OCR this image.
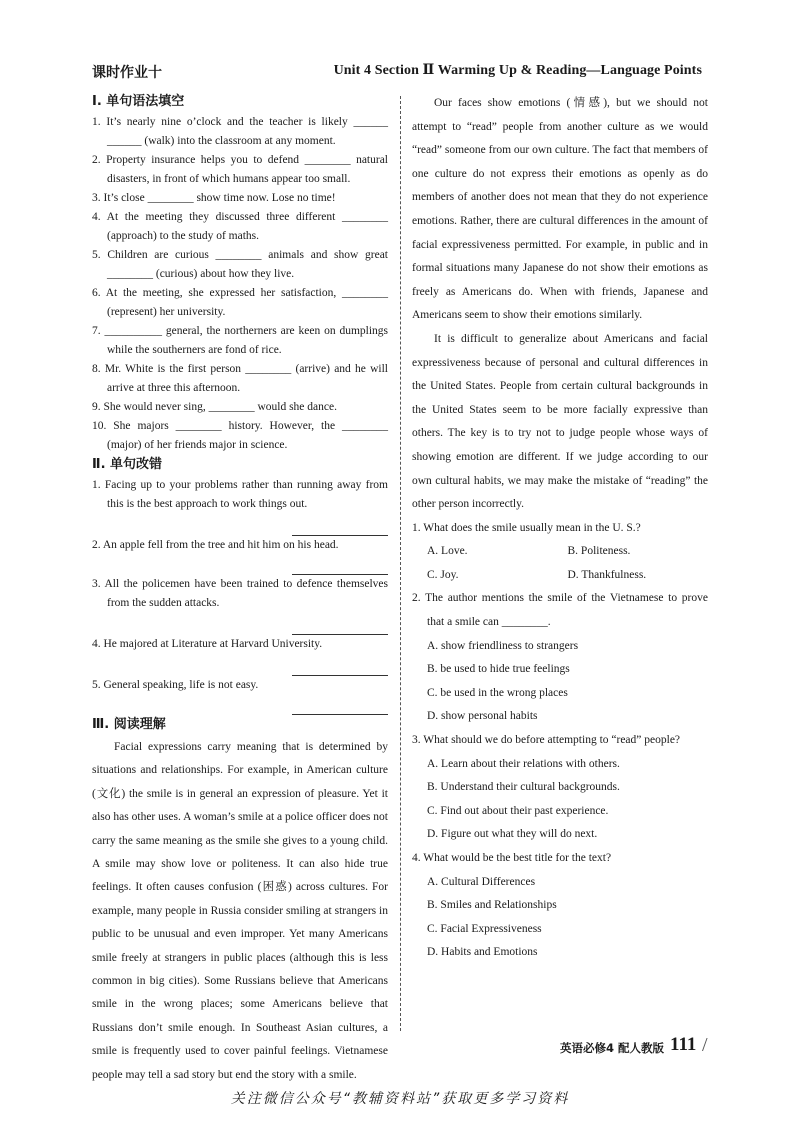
课时作业十	Unit 4 Section Ⅱ Warming Up & Reading—Language Points
Ⅰ. 单句语法填空

1. It’s nearly nine o’clock and the teacher is likely ______ ______ (walk) into the classroom at any moment.

2. Property insurance helps you to defend ________ natural disasters, in front of which humans appear too small.

3. It’s close ________ show time now. Lose no time!

4. At the meeting they discussed three different ________ (approach) to the study of maths.

5. Children are curious ________ animals and show great ________ (curious) about how they live.

6. At the meeting, she expressed her satisfaction, ________ (represent) her university.

7. __________ general, the northerners are keen on dumplings while the southerners are fond of rice.

8. Mr. White is the first person ________ (arrive) and he will arrive at three this afternoon.

9. She would never sing, ________ would she dance.

10. She majors ________ history. However, the ________ (major) of her friends major in science.

Ⅱ. 单句改错

1. Facing up to your problems rather than running away from this is the best approach to work things out.

2. An apple fell from the tree and hit him on his head.

3. All the policemen have been trained to defence themselves from the sudden attacks.

4. He majored at Literature at Harvard University.

5. General speaking, life is not easy.

Ⅲ. 阅读理解

Facial expressions carry meaning that is determined by situations and relationships. For example, in American culture (文化) the smile is in general an expression of pleasure. Yet it also has other uses. A woman’s smile at a police officer does not carry the same meaning as the smile she gives to a young child. A smile may show love or politeness. It can also hide true feelings. It often causes confusion (困惑) across cultures. For example, many people in Russia consider smiling at strangers in public to be unusual and even improper. Yet many Americans smile freely at strangers in public places (although this is less common in big cities). Some Russians believe that Americans smile in the wrong places; some Americans believe that Russians don’t smile enough. In Southeast Asian cultures, a smile is frequently used to cover painful feelings. Vietnamese people may tell a sad story but end the story with a smile.

Our faces show emotions (情感), but we should not attempt to “read” people from another culture as we would “read” someone from our own culture. The fact that members of one culture do not express their emotions as openly as do members of another does not mean that they do not experience emotions. Rather, there are cultural differences in the amount of facial expressiveness permitted. For example, in public and in formal situations many Japanese do not show their emotions as freely as Americans do. When with friends, Japanese and Americans seem to show their emotions similarly.

It is difficult to generalize about Americans and facial expressiveness because of personal and cultural differences in the United States. People from certain cultural backgrounds in the United States seem to be more facially expressive than others. The key is to try not to judge people whose ways of showing emotion are different. If we judge according to our own cultural habits, we may make the mistake of “reading” the other person incorrectly.

1. What does the smile usually mean in the U. S.?

A. Love.	B. Politeness.
C. Joy.	D. Thankfulness.

2. The author mentions the smile of the Vietnamese to prove that a smile can ________.

A. show friendliness to strangers

B. be used to hide true feelings

C. be used in the wrong places

D. show personal habits

3. What should we do before attempting to “read” people?

A. Learn about their relations with others.

B. Understand their cultural backgrounds.

C. Find out about their past experience.

D. Figure out what they will do next.

4. What would be the best title for the text?

A. Cultural Differences

B. Smiles and Relationships

C. Facial Expressiveness

D. Habits and Emotions

英语必修4 配人教版 111 /
关注微信公众号“教辅资料站”获取更多学习资料
